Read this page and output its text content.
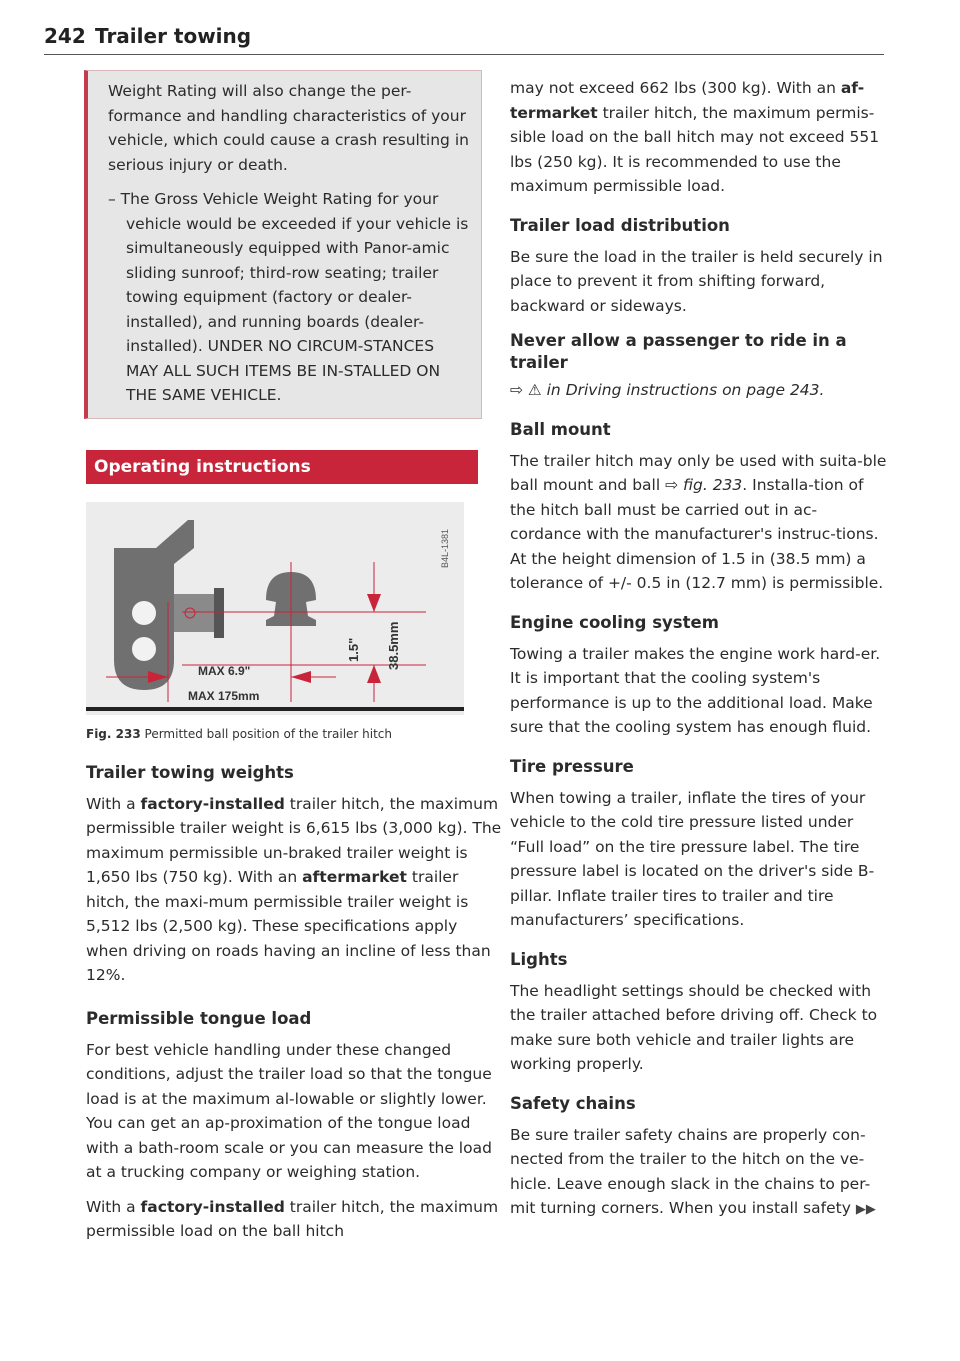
242 Trailer towing

Weight Rating will also change the per-formance and handling characteristics of your vehicle, which could cause a crash resulting in serious injury or death.

– The Gross Vehicle Weight Rating for your vehicle would be exceeded if your vehicle is simultaneously equipped with Panor-amic sliding sunroof; third-row seating; trailer towing equipment (factory or dealer-installed), and running boards (dealer-installed). UNDER NO CIRCUM-STANCES MAY ALL SUCH ITEMS BE IN-STALLED ON THE SAME VEHICLE.

Operating instructions
MAX 6.9"
MAX 175mm
1.5" 38.5mm
B4L-1381
Fig. 233 Permitted ball position of the trailer hitch
Trailer towing weights

With a factory-installed trailer hitch, the maximum permissible trailer weight is 6,615 lbs (3,000 kg). The maximum permissible un-braked trailer weight is 1,650 lbs (750 kg). With an aftermarket trailer hitch, the maxi-mum permissible trailer weight is 5,512 lbs (2,500 kg). These specifications apply when driving on roads having an incline of less than 12%.

Permissible tongue load

For best vehicle handling under these changed conditions, adjust the trailer load so that the tongue load is at the maximum al-lowable or slightly lower. You can get an ap-proximation of the tongue load with a bath-room scale or you can measure the load at a trucking company or weighing station.

With a factory-installed trailer hitch, the maximum permissible load on the ball hitch

may not exceed 662 lbs (300 kg). With an af-termarket trailer hitch, the maximum permis-sible load on the ball hitch may not exceed 551 lbs (250 kg). It is recommended to use the maximum permissible load.

Trailer load distribution

Be sure the load in the trailer is held securely in place to prevent it from shifting forward, backward or sideways.

Never allow a passenger to ride in a trailer

⇨ ⚠ in Driving instructions on page 243.

Ball mount

The trailer hitch may only be used with suita-ble ball mount and ball ⇨ fig. 233. Installa-tion of the hitch ball must be carried out in ac-cordance with the manufacturer's instruc-tions. At the height dimension of 1.5 in (38.5 mm) a tolerance of +/- 0.5 in (12.7 mm) is permissible.

Engine cooling system

Towing a trailer makes the engine work hard-er. It is important that the cooling system's performance is up to the additional load. Make sure that the cooling system has enough fluid.

Tire pressure

When towing a trailer, inflate the tires of your vehicle to the cold tire pressure listed under “Full load” on the tire pressure label. The tire pressure label is located on the driver's side B-pillar. Inflate trailer tires to trailer and tire manufacturers’ specifications.

Lights

The headlight settings should be checked with the trailer attached before driving off. Check to make sure both vehicle and trailer lights are working properly.

Safety chains

Be sure trailer safety chains are properly con-nected from the trailer to the hitch on the ve-hicle. Leave enough slack in the chains to per-mit turning corners. When you install safety ▶▶
